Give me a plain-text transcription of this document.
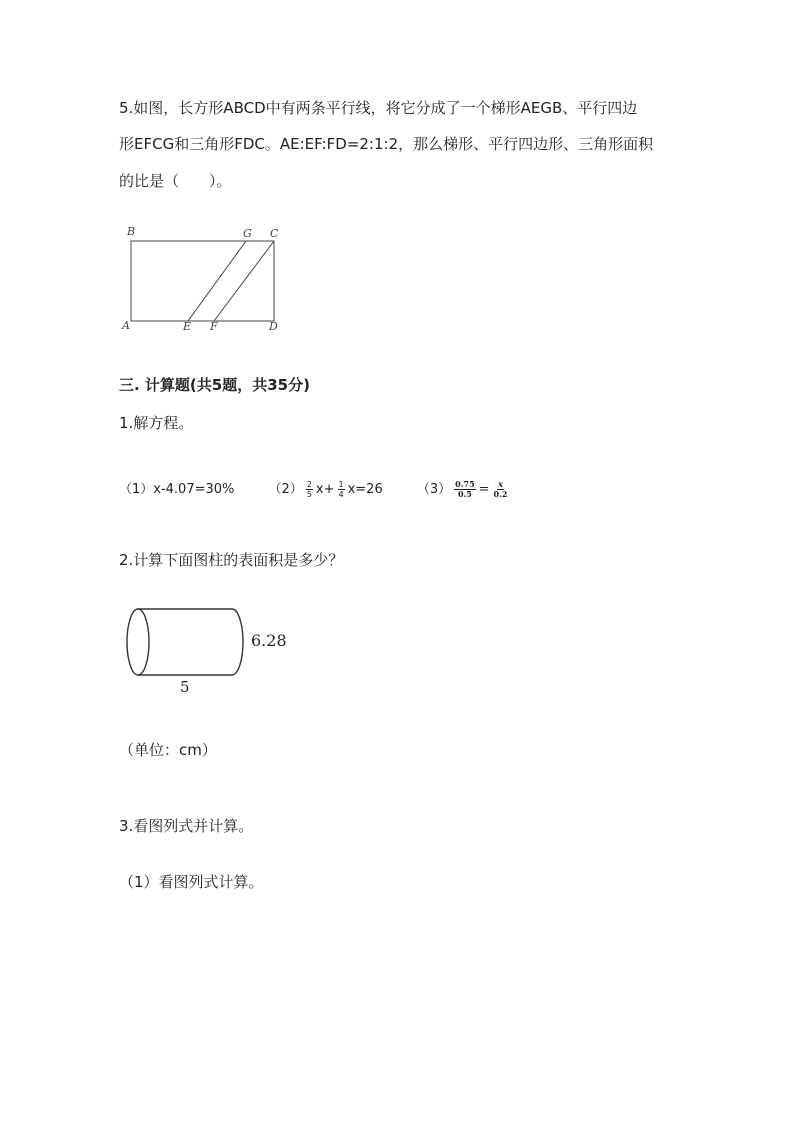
5.如图，长方形ABCD中有两条平行线，将它分成了一个梯形AEGB、平行四边
形EFCG和三角形FDC。AE:EF:FD=2:1:2，那么梯形、平行四边形、三角形面积
的比是（　　）。
B	G C
A	E F	D
三. 计算题(共5题，共35分)
1.解方程。
（1）x-4.07=30%	$(2) \frac{2}{5} x+ \frac{1}{4} x=26$	$(3) \frac{0.75}{0.5} = \frac{x}{0.2}$
2.计算下面图柱的表面积是多少？
6.28
5
（单位：cm）
3.看图列式并计算。
（1）看图列式计算。
